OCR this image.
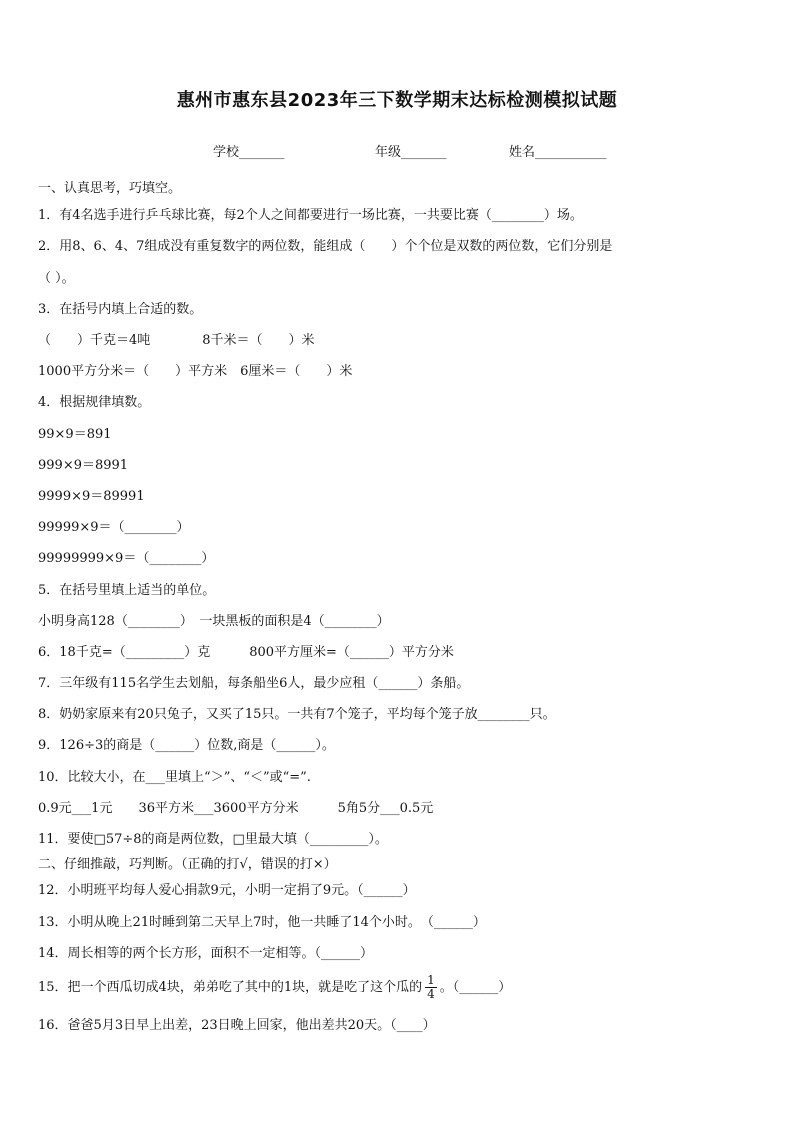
惠州市惠东县2023年三下数学期末达标检测模拟试题
学校_______	年级_______	姓名___________
一、认真思考，巧填空。
1．有4名选手进行乒乓球比赛，每2个人之间都要进行一场比赛，一共要比赛（________）场。
2．用8、6、4、7组成没有重复数字的两位数，能组成（　　）个个位是双数的两位数，它们分别是
（ ）。
3．在括号内填上合适的数。
（　　）千克＝4吨　　　　8千米＝（　　）米
1000平方分米＝（　　）平方米　6厘米＝（　　）米
4．根据规律填数。
99×9＝891
999×9＝8991
9999×9＝89991
99999×9＝（________）
99999999×9＝（________）
5．在括号里填上适当的单位。
小明身高128（________）　一块黑板的面积是4（________）
6．18千克=（_________）克　　　800平方厘米=（______）平方分米
7．三年级有115名学生去划船，每条船坐6人，最少应租（______）条船。
8．奶奶家原来有20只兔子，又买了15只。一共有7个笼子，平均每个笼子放________只。
9．126÷3的商是（______）位数,商是（______）。
10．比较大小，在___里填上“＞”、“＜”或“=”.
0.9元___1元　　36平方米___3600平方分米　　　5角5分___0.5元
11．要使□57÷8的商是两位数，□里最大填（_________）。
二、仔细推敲，巧判断。（正确的打√，错误的打×）
12．小明班平均每人爱心捐款9元，小明一定捐了9元。（______）
13．小明从晚上21时睡到第二天早上7时，他一共睡了14个小时。　（______）
14．周长相等的两个长方形，面积不一定相等。（______）
15．把一个西瓜切成4块，弟弟吃了其中的1块，就是吃了这个瓜的 $\frac{1}{4}$ 。（______）
16．爸爸5月3日早上出差，23日晚上回家，他出差共20天。（____）
